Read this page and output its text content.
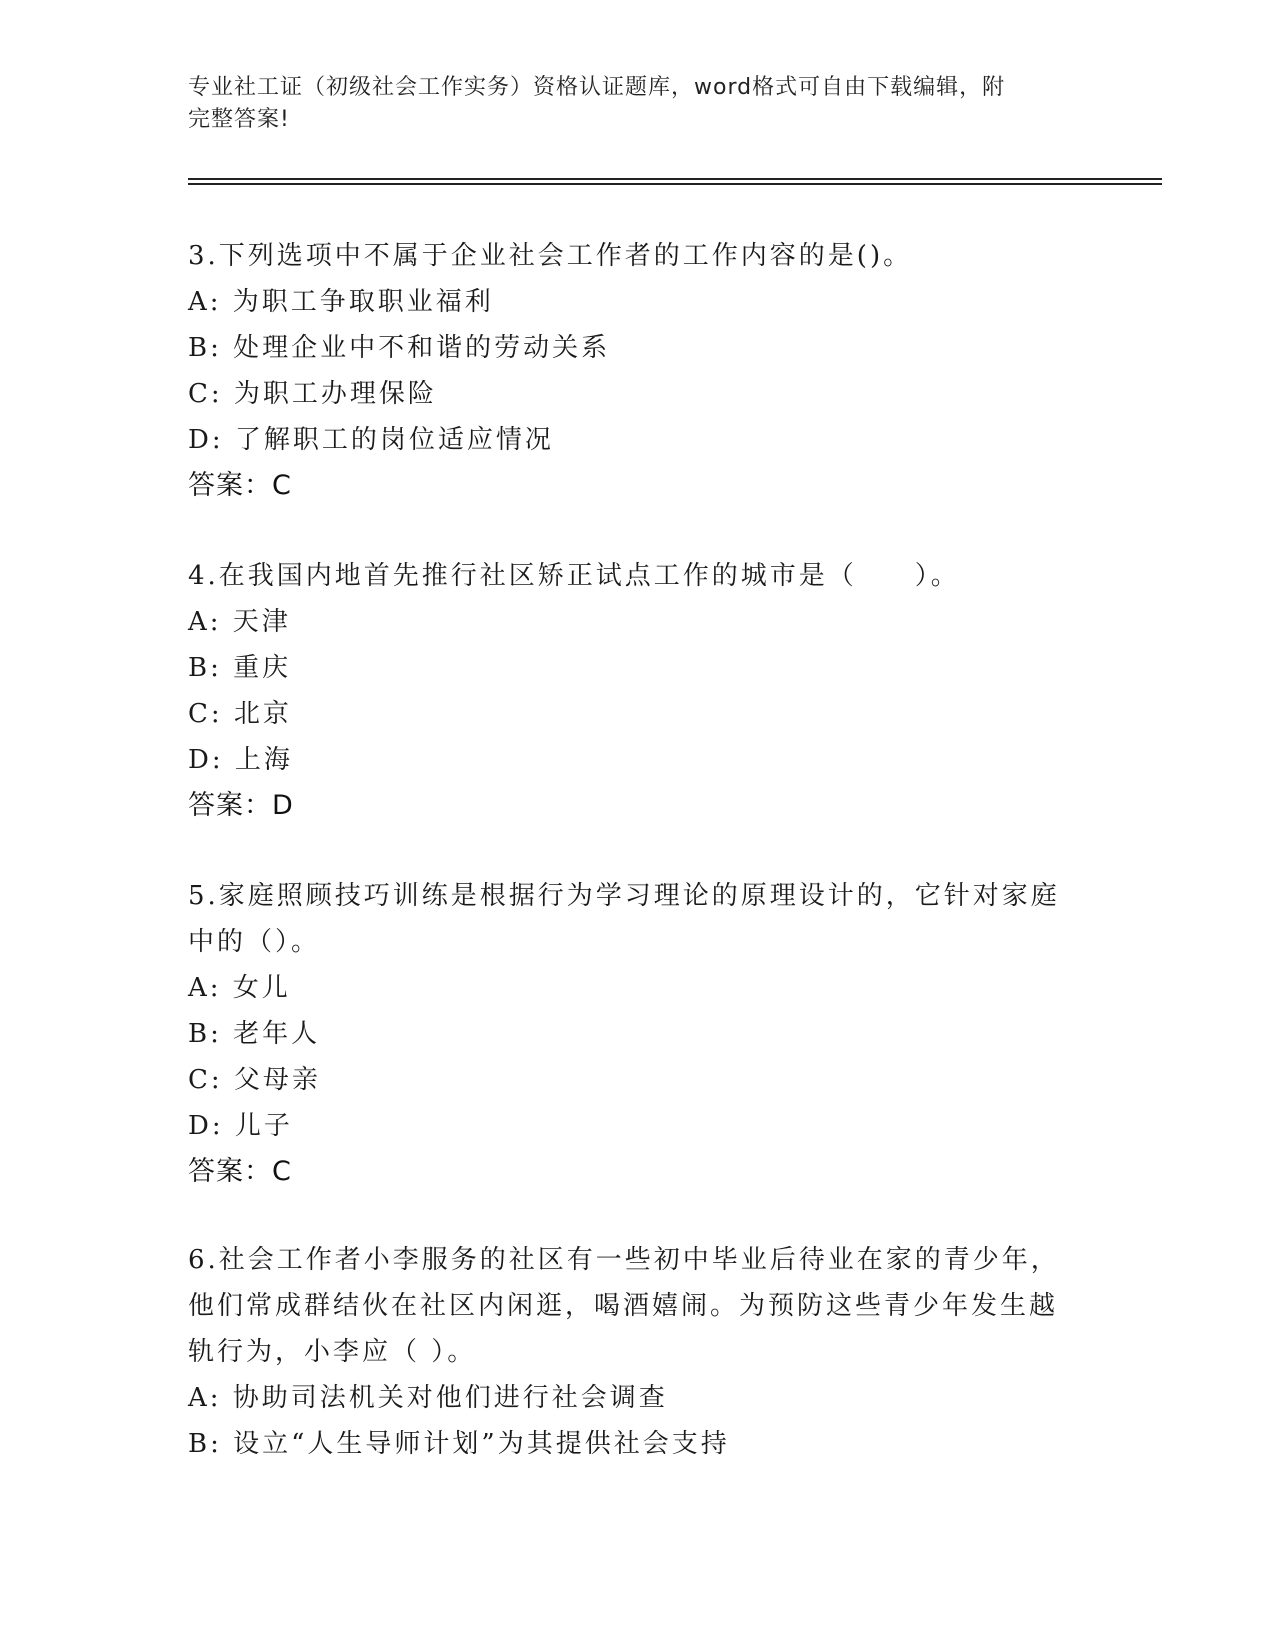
专业社工证（初级社会工作实务）资格认证题库，word格式可自由下载编辑，附
完整答案!

3.下列选项中不属于企业社会工作者的工作内容的是()。

A: 为职工争取职业福利

B: 处理企业中不和谐的劳动关系

C: 为职工办理保险

D: 了解职工的岗位适应情况

答案：C

4.在我国内地首先推行社区矫正试点工作的城市是（　　）。

A: 天津

B: 重庆

C: 北京

D: 上海

答案：D

5.家庭照顾技巧训练是根据行为学习理论的原理设计的，它针对家庭

中的（）。

A: 女儿

B: 老年人

C: 父母亲

D: 儿子

答案：C

6.社会工作者小李服务的社区有一些初中毕业后待业在家的青少年，

他们常成群结伙在社区内闲逛，喝酒嬉闹。为预防这些青少年发生越

轨行为，小李应（ ）。

A: 协助司法机关对他们进行社会调查

B: 设立“人生导师计划”为其提供社会支持
